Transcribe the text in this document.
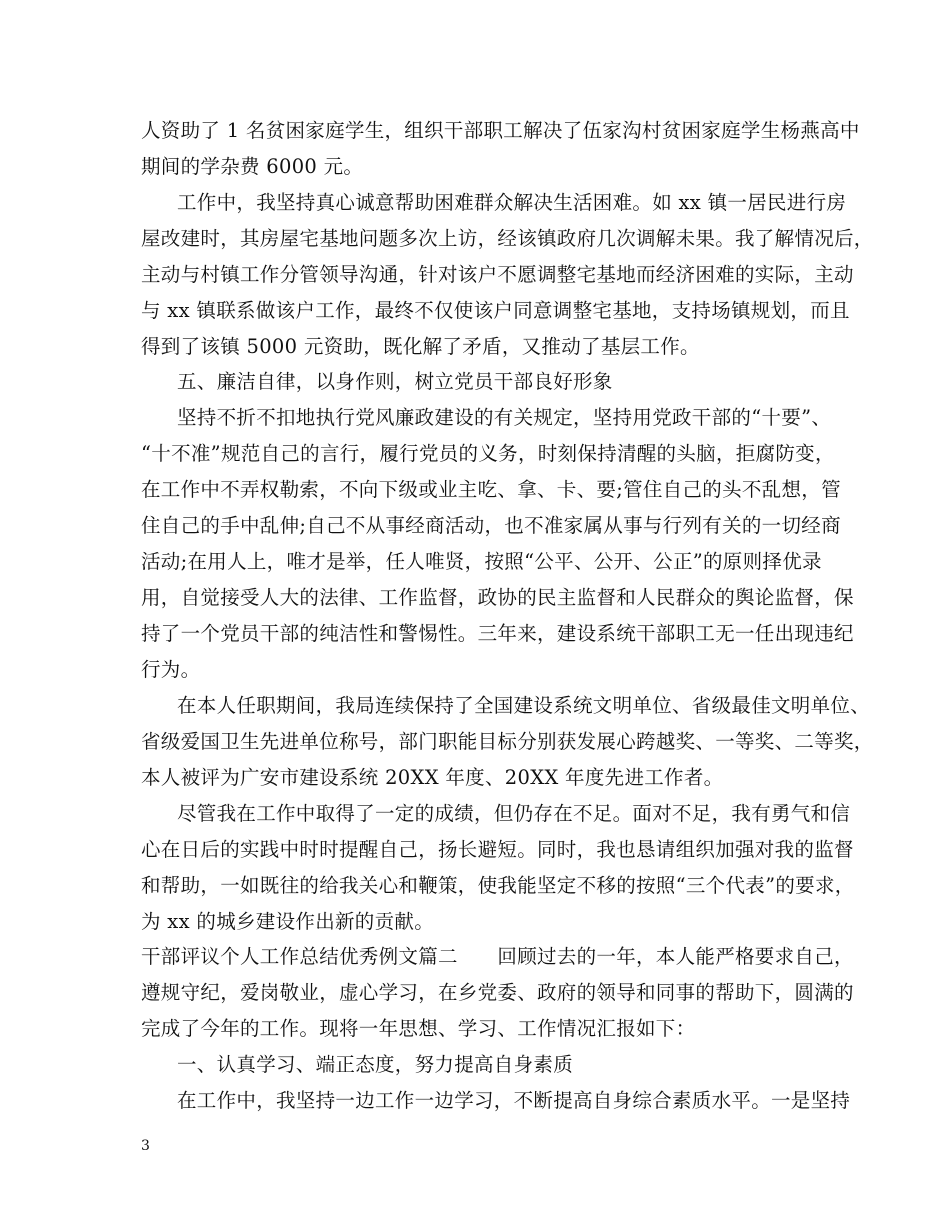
人资助了 1 名贫困家庭学生，组织干部职工解决了伍家沟村贫困家庭学生杨燕高中
期间的学杂费 6000 元。
工作中，我坚持真心诚意帮助困难群众解决生活困难。如 xx 镇一居民进行房
屋改建时，其房屋宅基地问题多次上访，经该镇政府几次调解未果。我了解情况后，
主动与村镇工作分管领导沟通，针对该户不愿调整宅基地而经济困难的实际，主动
与 xx 镇联系做该户工作，最终不仅使该户同意调整宅基地，支持场镇规划，而且
得到了该镇 5000 元资助，既化解了矛盾，又推动了基层工作。
五、廉洁自律，以身作则，树立党员干部良好形象
坚持不折不扣地执行党风廉政建设的有关规定，坚持用党政干部的“十要”、
“十不准”规范自己的言行，履行党员的义务，时刻保持清醒的头脑，拒腐防变，
在工作中不弄权勒索，不向下级或业主吃、拿、卡、要;管住自己的头不乱想，管
住自己的手中乱伸;自己不从事经商活动，也不准家属从事与行列有关的一切经商
活动;在用人上，唯才是举，任人唯贤，按照“公平、公开、公正”的原则择优录
用，自觉接受人大的法律、工作监督，政协的民主监督和人民群众的舆论监督，保
持了一个党员干部的纯洁性和警惕性。三年来，建设系统干部职工无一任出现违纪
行为。
在本人任职期间，我局连续保持了全国建设系统文明单位、省级最佳文明单位、
省级爱国卫生先进单位称号，部门职能目标分别获发展心跨越奖、一等奖、二等奖，
本人被评为广安市建设系统 20XX 年度、20XX 年度先进工作者。
尽管我在工作中取得了一定的成绩，但仍存在不足。面对不足，我有勇气和信
心在日后的实践中时时提醒自己，扬长避短。同时，我也恳请组织加强对我的监督
和帮助，一如既往的给我关心和鞭策，使我能坚定不移的按照“三个代表”的要求，
为 xx 的城乡建设作出新的贡献。
干部评议个人工作总结优秀例文篇二　　回顾过去的一年，本人能严格要求自己，
遵规守纪，爱岗敬业，虚心学习，在乡党委、政府的领导和同事的帮助下，圆满的
完成了今年的工作。现将一年思想、学习、工作情况汇报如下：
一、认真学习、端正态度，努力提高自身素质
在工作中，我坚持一边工作一边学习，不断提高自身综合素质水平。一是坚持
3
